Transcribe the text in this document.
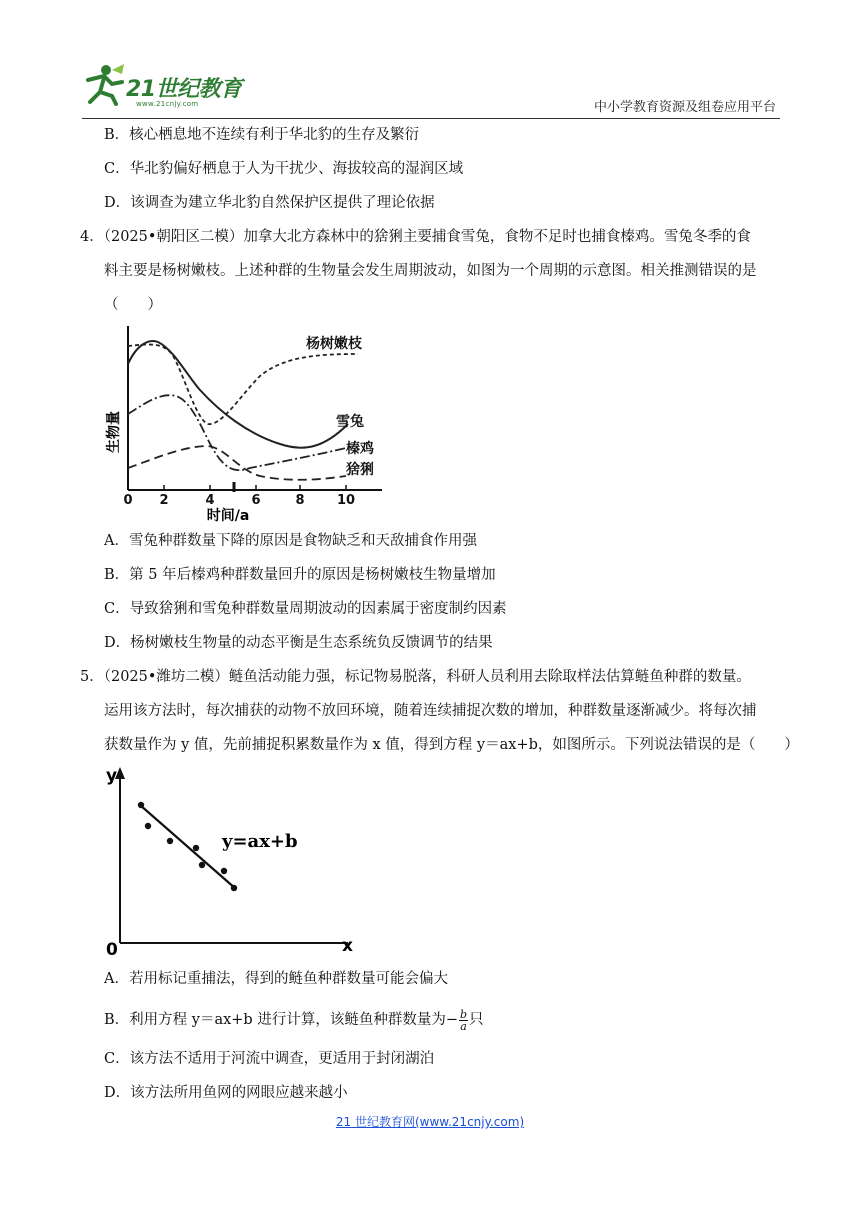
21世纪教育
www.21cnjy.com	中小学教育资源及组卷应用平台
B．核心栖息地不连续有利于华北豹的生存及繁衍
C．华北豹偏好栖息于人为干扰少、海拔较高的湿润区域
D．该调查为建立华北豹自然保护区提供了理论依据
4．（2025•朝阳区二模）加拿大北方森林中的猞猁主要捕食雪兔，食物不足时也捕食榛鸡。雪兔冬季的食
料主要是杨树嫩枝。上述种群的生物量会发生周期波动，如图为一个周期的示意图。相关推测错误的是
（　　）
0 2	4	6	8 10
时间/a
生物量
杨树嫩枝
雪兔
榛鸡
猞猁
A．雪兔种群数量下降的原因是食物缺乏和天敌捕食作用强
B．第 5 年后榛鸡种群数量回升的原因是杨树嫩枝生物量增加
C．导致猞猁和雪兔种群数量周期波动的因素属于密度制约因素
D．杨树嫩枝生物量的动态平衡是生态系统负反馈调节的结果
5．（2025•潍坊二模）鲢鱼活动能力强，标记物易脱落，科研人员利用去除取样法估算鲢鱼种群的数量。
运用该方法时，每次捕获的动物不放回环境，随着连续捕捉次数的增加，种群数量逐渐减少。将每次捕
获数量作为 y 值，先前捕捉积累数量作为 x 值，得到方程 y＝ax+b，如图所示。下列说法错误的是（　　）
y
x
0
y=ax+b
A．若用标记重捕法，得到的鲢鱼种群数量可能会偏大
B．利用方程 y＝ax+b 进行计算，该鲢鱼种群数量为− $\frac{b}{a}$ 只
C．该方法不适用于河流中调查，更适用于封闭湖泊
D．该方法所用鱼网的网眼应越来越小
21 世纪教育网(www.21cnjy.com)
